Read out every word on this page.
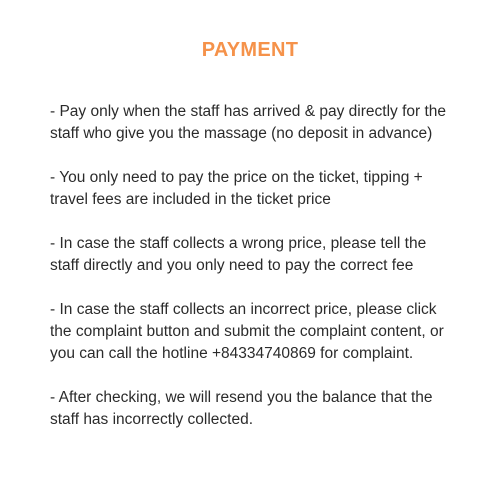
PAYMENT

- Pay only when the staff has arrived & pay directly for the staff who give you the massage (no deposit in advance)

- You only need to pay the price on the ticket, tipping + travel fees are included in the ticket price

- In case the staff collects a wrong price, please tell the staff directly and you only need to pay the correct fee

- In case the staff collects an incorrect price, please click the complaint button and submit the complaint content, or you can call the hotline +84334740869 for complaint.

- After checking, we will resend you the balance that the staff has incorrectly collected.
